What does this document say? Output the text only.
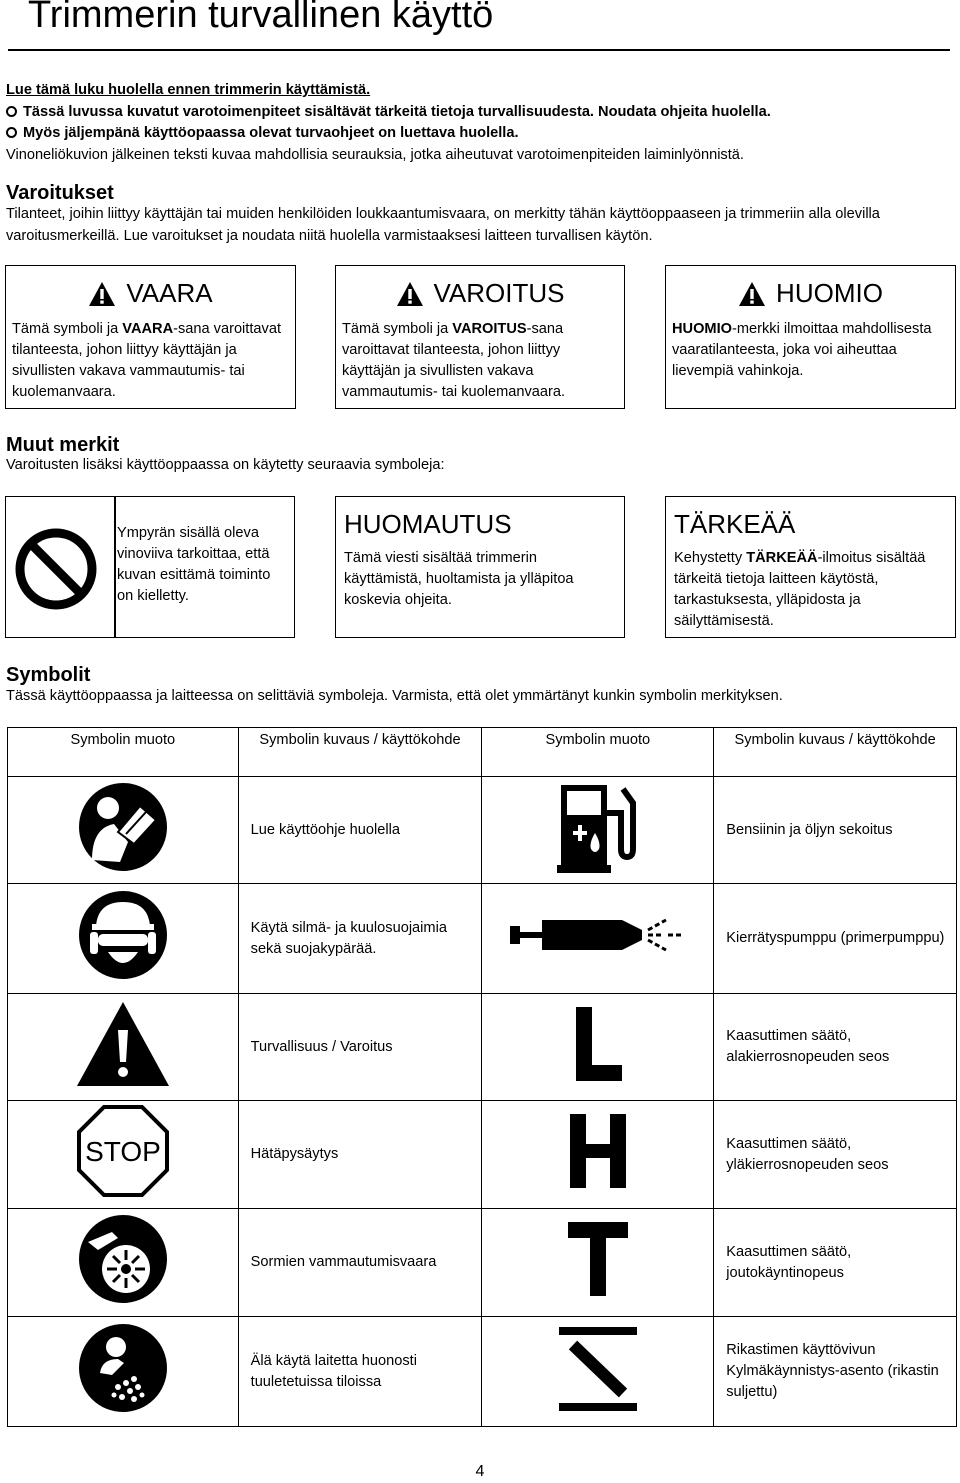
Trimmerin turvallinen käyttö
Lue tämä luku huolella ennen trimmerin käyttämistä.
Tässä luvussa kuvatut varotoimenpiteet sisältävät tärkeitä tietoja turvallisuudesta. Noudata ohjeita huolella.
Myös jäljempänä käyttöopaassa olevat turvaohjeet on luettava huolella.
Vinoneliökuvion jälkeinen teksti kuvaa mahdollisia seurauksia, jotka aiheutuvat varotoimenpiteiden laiminlyönnistä.
Varoitukset
Tilanteet, joihin liittyy käyttäjän tai muiden henkilöiden loukkaantumisvaara, on merkitty tähän käyttöoppaaseen ja trimmeriin alla olevilla varoitusmerkeillä. Lue varoitukset ja noudata niitä huolella varmistaaksesi laitteen turvallisen käytön.
VAARA
Tämä symboli ja VAARA-sana varoittavat tilanteesta, johon liittyy käyttäjän ja sivullisten vakava vammautumis- tai kuolemanvaara.
VAROITUS
Tämä symboli ja VAROITUS-sana varoittavat tilanteesta, johon liittyy käyttäjän ja sivullisten vakava vammautumis- tai kuolemanvaara.
HUOMIO
HUOMIO-merkki ilmoittaa mahdollisesta vaaratilanteesta, joka voi aiheuttaa lievempiä vahinkoja.
Muut merkit
Varoitusten lisäksi käyttöoppaassa on käytetty seuraavia symboleja:
Ympyrän sisällä oleva vinoviiva tarkoittaa, että kuvan esittämä toiminto on kielletty.
HUOMAUTUS
Tämä viesti sisältää trimmerin käyttämistä, huoltamista ja ylläpitoa koskevia ohjeita.
TÄRKEÄÄ
Kehystetty TÄRKEÄÄ-ilmoitus sisältää tärkeitä tietoja laitteen käytöstä, tarkastuksesta, ylläpidosta ja säilyttämisestä.
Symbolit
Tässä käyttöoppaassa ja laitteessa on selittäviä symboleja. Varmista, että olet ymmärtänyt kunkin symbolin merkityksen.
Symbolin muoto	Symbolin kuvaus / käyttökohde	Symbolin muoto	Symbolin kuvaus / käyttökohde
	Lue käyttöohje huolella		Bensiinin ja öljyn sekoitus
	Käytä silmä- ja kuulosuojaimia sekä suojakypärää.		Kierrätyspumppu (primerpumppu)
	Turvallisuus / Varoitus		Kaasuttimen säätö, alakierrosnopeuden seos

STOP	Hätäpysäytys		Kaasuttimen säätö, yläkierrosnopeuden seos
	Sormien vammautumisvaara		Kaasuttimen säätö, joutokäyntinopeus
	Älä käytä laitetta huonosti tuuletetuissa tiloissa		Rikastimen käyttövivun Kylmäkäynnistys-asento (rikastin suljettu)
4
